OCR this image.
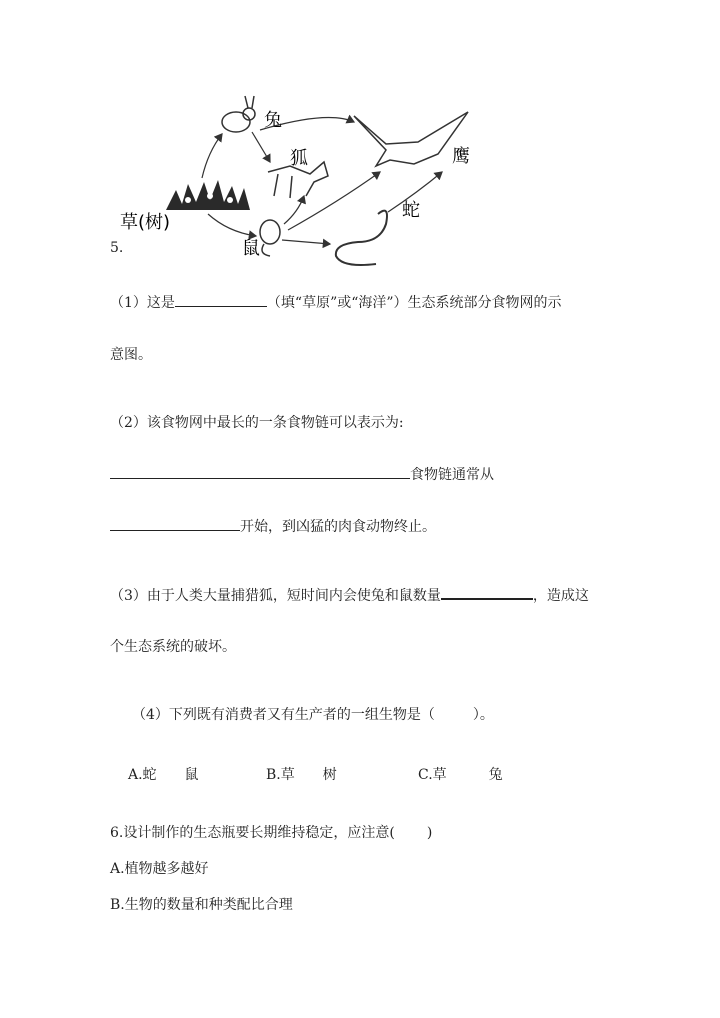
兔
狐	鹰
蛇
鼠
草(树)
5.
（1）这是	（填“草原”或“海洋”）生态系统部分食物网的示
意图。
（2）该食物网中最长的一条食物链可以表示为:
食物链通常从
开始，到凶猛的肉食动物终止。
（3）由于人类大量捕猎狐，短时间内会使兔和鼠数量	，造成这
个生态系统的破坏。
（4）下列既有消费者又有生产者的一组生物是（	）。
A.蛇　　鼠	B.草　　树	C.草　　　兔
6.设计制作的生态瓶要长期维持稳定，应注意( )
A.植物越多越好
B.生物的数量和种类配比合理
